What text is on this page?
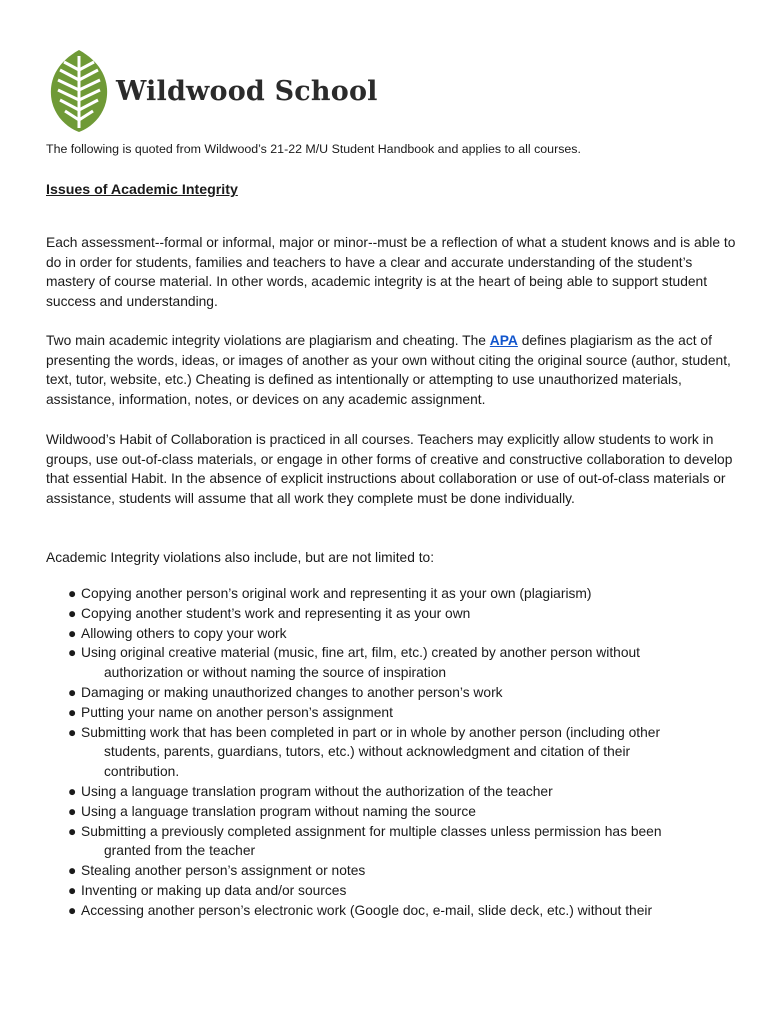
Wildwood School
The following is quoted from Wildwood’s 21-22 M/U Student Handbook and applies to all courses.
Issues of Academic Integrity

Each assessment--formal or informal, major or minor--must be a reflection of what a student knows and is able to do in order for students, families and teachers to have a clear and accurate understanding of the student’s mastery of course material. In other words, academic integrity is at the heart of being able to support student success and understanding.

Two main academic integrity violations are plagiarism and cheating. The APA defines plagiarism as the act of presenting the words, ideas, or images of another as your own without citing the original source (author, student, text, tutor, website, etc.) Cheating is defined as intentionally or attempting to use unauthorized materials, assistance, information, notes, or devices on any academic assignment.

Wildwood’s Habit of Collaboration is practiced in all courses. Teachers may explicitly allow students to work in groups, use out-of-class materials, or engage in other forms of creative and constructive collaboration to develop that essential Habit. In the absence of explicit instructions about collaboration or use of out-of-class materials or assistance, students will assume that all work they complete must be done individually.

Academic Integrity violations also include, but are not limited to:

● Copying another person’s original work and representing it as your own (plagiarism)
● Copying another student’s work and representing it as your own
● Allowing others to copy your work
● Using original creative material (music, fine art, film, etc.) created by another person without
authorization or without naming the source of inspiration
● Damaging or making unauthorized changes to another person’s work
● Putting your name on another person’s assignment
● Submitting work that has been completed in part or in whole by another person (including other
students, parents, guardians, tutors, etc.) without acknowledgment and citation of their
contribution.
● Using a language translation program without the authorization of the teacher
● Using a language translation program without naming the source
● Submitting a previously completed assignment for multiple classes unless permission has been
granted from the teacher
● Stealing another person’s assignment or notes
● Inventing or making up data and/or sources
● Accessing another person’s electronic work (Google doc, e-mail, slide deck, etc.) without their
